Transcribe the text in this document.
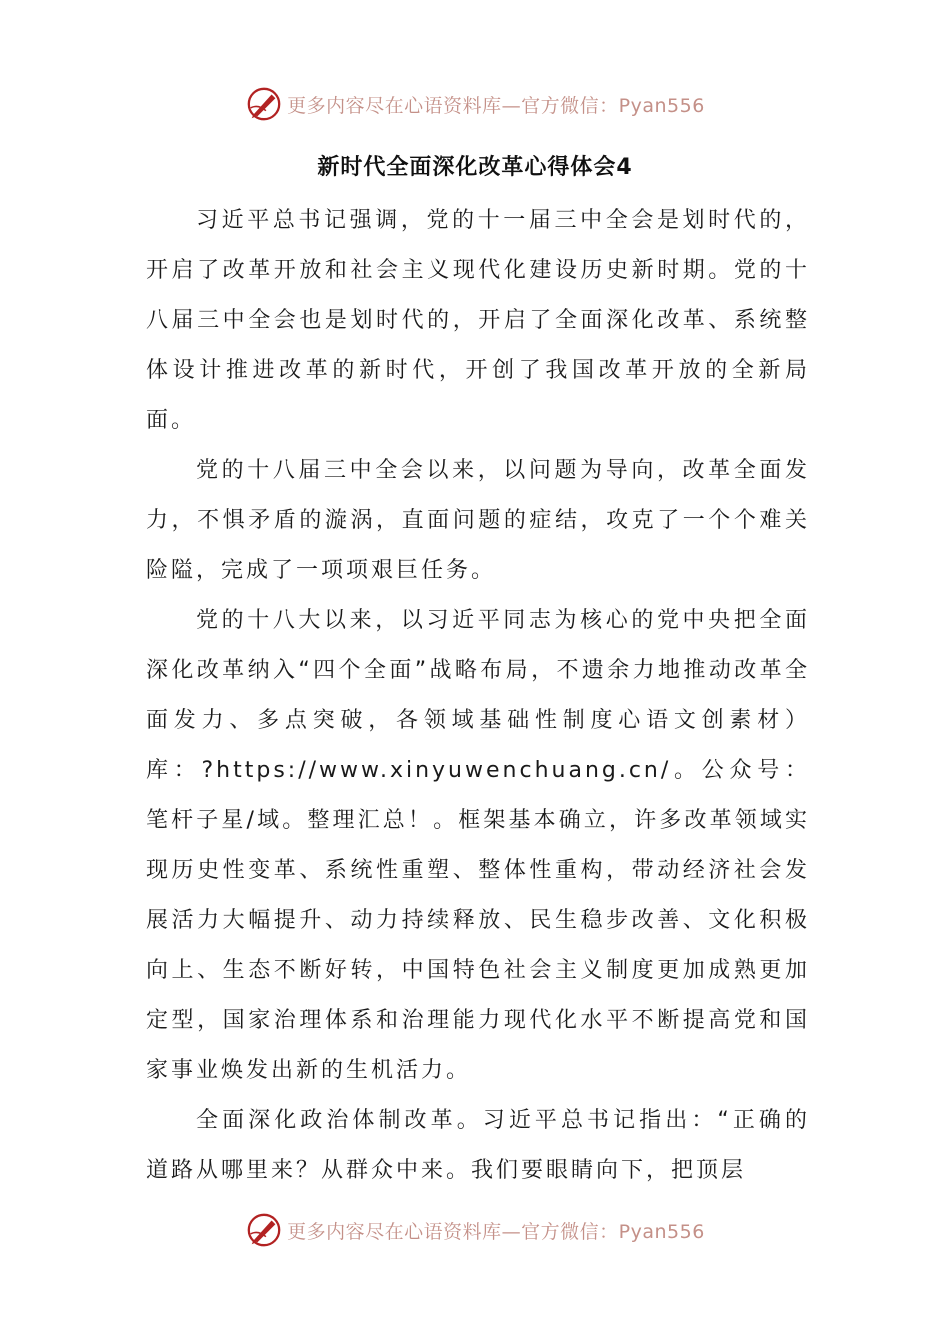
更多内容尽在心语资料库—官方微信：Pyan556
新时代全面深化改革心得体会4

习近平总书记强调，党的十一届三中全会是划时代的，开启了改革开放和社会主义现代化建设历史新时期。党的十八届三中全会也是划时代的，开启了全面深化改革、系统整体设计推进改革的新时代，开创了我国改革开放的全新局面。

党的十八届三中全会以来，以问题为导向，改革全面发力，不惧矛盾的漩涡，直面问题的症结，攻克了一个个难关险隘，完成了一项项艰巨任务。

党的十八大以来，以习近平同志为核心的党中央把全面深化改革纳入“四个全面”战略布局，不遗余力地推动改革全面发力、多点突破，各领域基础性制度心语文创素材）库：?https://www.xinyuwenchuang.cn/。公众号：笔杆子星/域。整理汇总！。框架基本确立，许多改革领域实现历史性变革、系统性重塑、整体性重构，带动经济社会发展活力大幅提升、动力持续释放、民生稳步改善、文化积极向上、生态不断好转，中国特色社会主义制度更加成熟更加定型，国家治理体系和治理能力现代化水平不断提高党和国家事业焕发出新的生机活力。

全面深化政治体制改革。习近平总书记指出：“正确的道路从哪里来？从群众中来。我们要眼睛向下，把顶层

更多内容尽在心语资料库—官方微信：Pyan556
